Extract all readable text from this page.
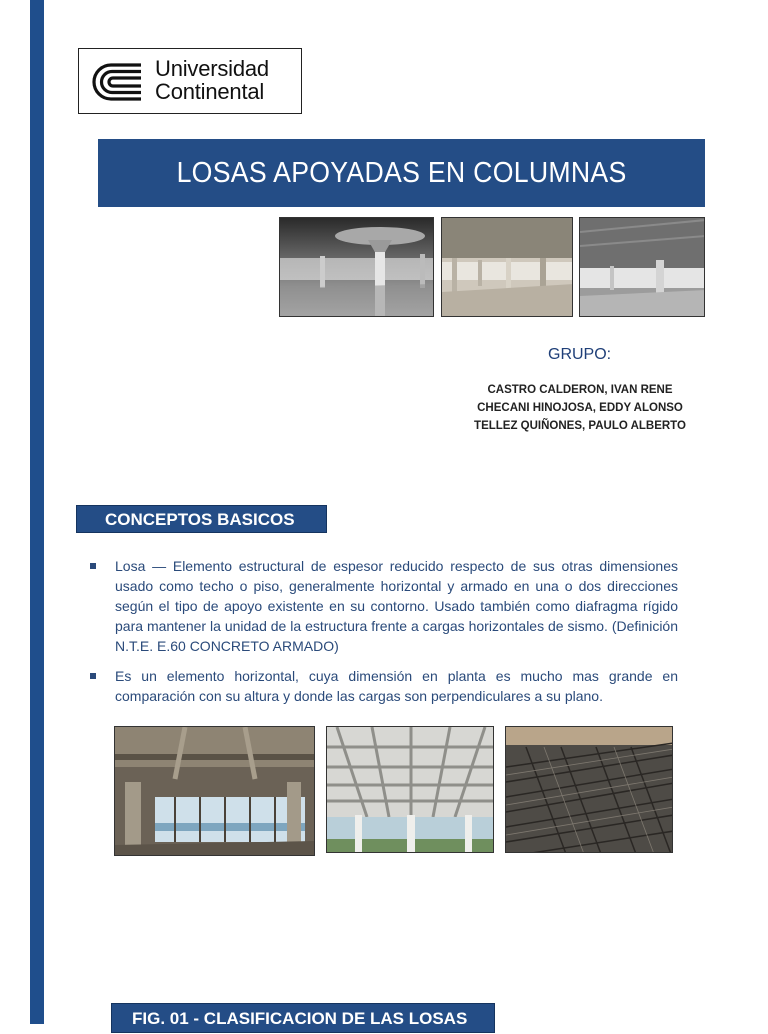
Universidad
Continental
LOSAS APOYADAS EN COLUMNAS
GRUPO:
CASTRO CALDERON, IVAN RENE
CHECANI HINOJOSA, EDDY ALONSO
TELLEZ QUIÑONES, PAULO ALBERTO
CONCEPTOS BASICOS
Losa — Elemento estructural de espesor reducido respecto de sus otras dimensiones usado como techo o piso, generalmente horizontal y armado en una o dos direcciones según el tipo de apoyo existente en su contorno. Usado también como diafragma rígido para mantener la unidad de la estructura frente a cargas horizontales de sismo. (Definición N.T.E. E.60 CONCRETO ARMADO)
Es un elemento horizontal, cuya dimensión en planta es mucho mas grande en comparación con su altura y donde las cargas son perpendiculares a su plano.
FIG. 01 - CLASIFICACION DE LAS LOSAS
